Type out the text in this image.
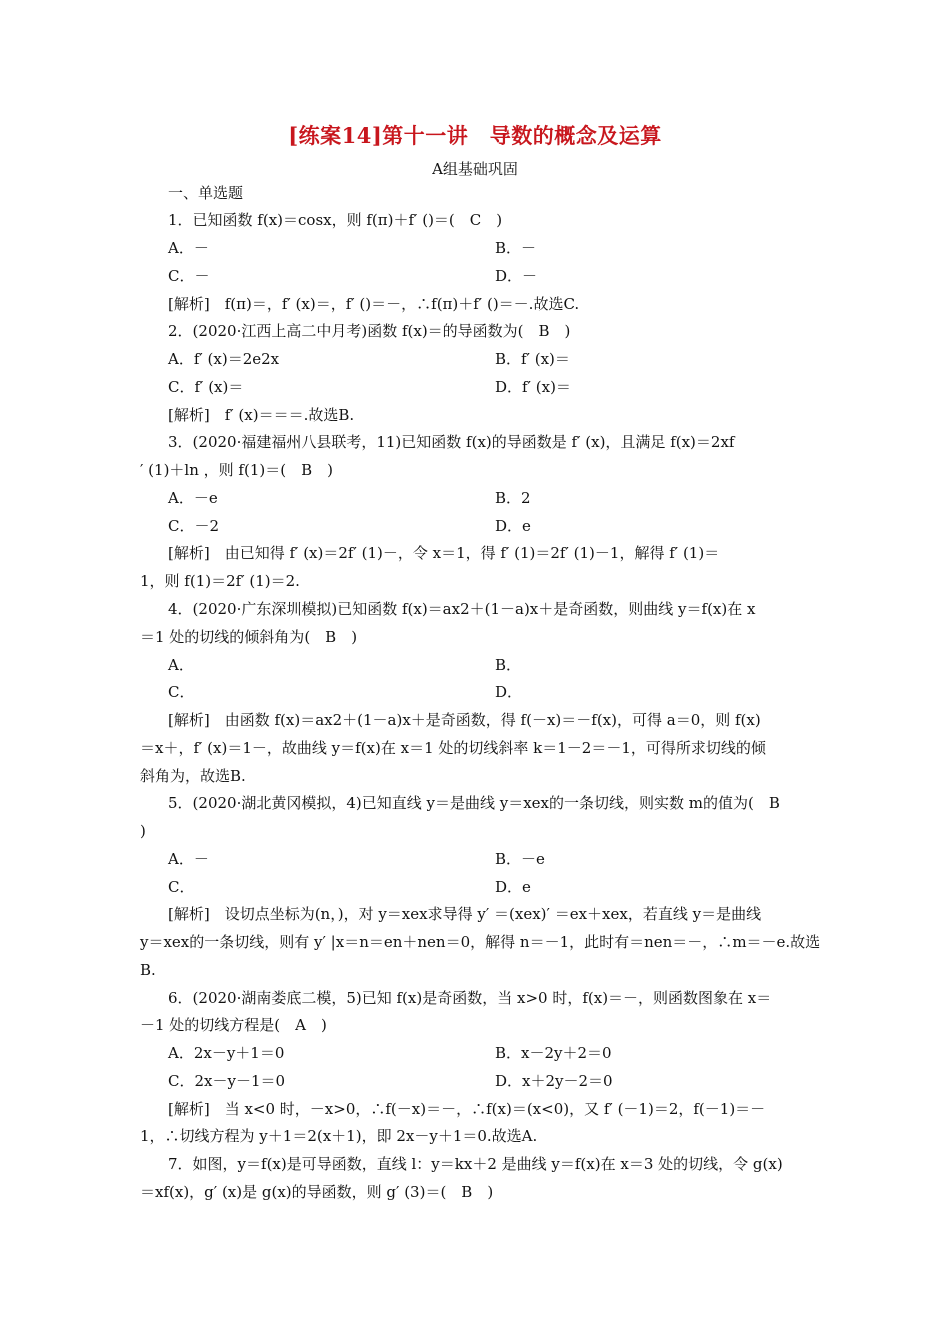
[练案14]第十一讲　导数的概念及运算
A组基础巩固
一、单选题
1．已知函数 f(x)＝cosx，则 f(π)＋f′ ()＝(　C　)
A．－	B．－
C．－	D．－
[解析]　f(π)＝，f′ (x)＝，f′ ()＝－，∴f(π)＋f′ ()＝－.故选C.
2．(2020·江西上高二中月考)函数 f(x)＝的导函数为(　B　)
A．f′ (x)＝2e2x	B．f′ (x)＝
C．f′ (x)＝	D．f′ (x)＝
[解析]　f′ (x)＝＝＝.故选B.
3．(2020·福建福州八县联考，11)已知函数 f(x)的导函数是 f′ (x)，且满足 f(x)＝2xf
′ (1)＋ln ，则 f(1)＝(　B　)
A．－e	B．2
C．－2	D．e
[解析]　由已知得 f′ (x)＝2f′ (1)－，令 x＝1，得 f′ (1)＝2f′ (1)－1，解得 f′ (1)＝
1，则 f(1)＝2f′ (1)＝2.
4．(2020·广东深圳模拟)已知函数 f(x)＝ax2＋(1－a)x＋是奇函数，则曲线 y＝f(x)在 x
＝1 处的切线的倾斜角为(　B　)
A．	B．
C．	D．
[解析]　由函数 f(x)＝ax2＋(1－a)x＋是奇函数，得 f(－x)＝－f(x)，可得 a＝0，则 f(x)
＝x＋，f′ (x)＝1－，故曲线 y＝f(x)在 x＝1 处的切线斜率 k＝1－2＝－1，可得所求切线的倾
斜角为，故选B.
5．(2020·湖北黄冈模拟，4)已知直线 y＝是曲线 y＝xex的一条切线，则实数 m的值为(　B
)
A．－	B．－e
C．	D．e
[解析]　设切点坐标为(n，)，对 y＝xex求导得 y′ ＝(xex)′ ＝ex＋xex，若直线 y＝是曲线
y＝xex的一条切线，则有 y′ |x＝n＝en＋nen＝0，解得 n＝－1，此时有＝nen＝－，∴m＝－e.故选
B.
6．(2020·湖南娄底二模，5)已知 f(x)是奇函数，当 x>0 时，f(x)＝－，则函数图象在 x＝
－1 处的切线方程是(　A　)
A．2x－y＋1＝0	B．x－2y＋2＝0
C．2x－y－1＝0	D．x＋2y－2＝0
[解析]　当 x<0 时，－x>0，∴f(－x)＝－，∴f(x)＝(x<0)，又 f′ (－1)＝2，f(－1)＝－
1，∴切线方程为 y＋1＝2(x＋1)，即 2x－y＋1＝0.故选A.
7．如图，y＝f(x)是可导函数，直线 l：y＝kx＋2 是曲线 y＝f(x)在 x＝3 处的切线，令 g(x)
＝xf(x)，g′ (x)是 g(x)的导函数，则 g′ (3)＝(　B　)
